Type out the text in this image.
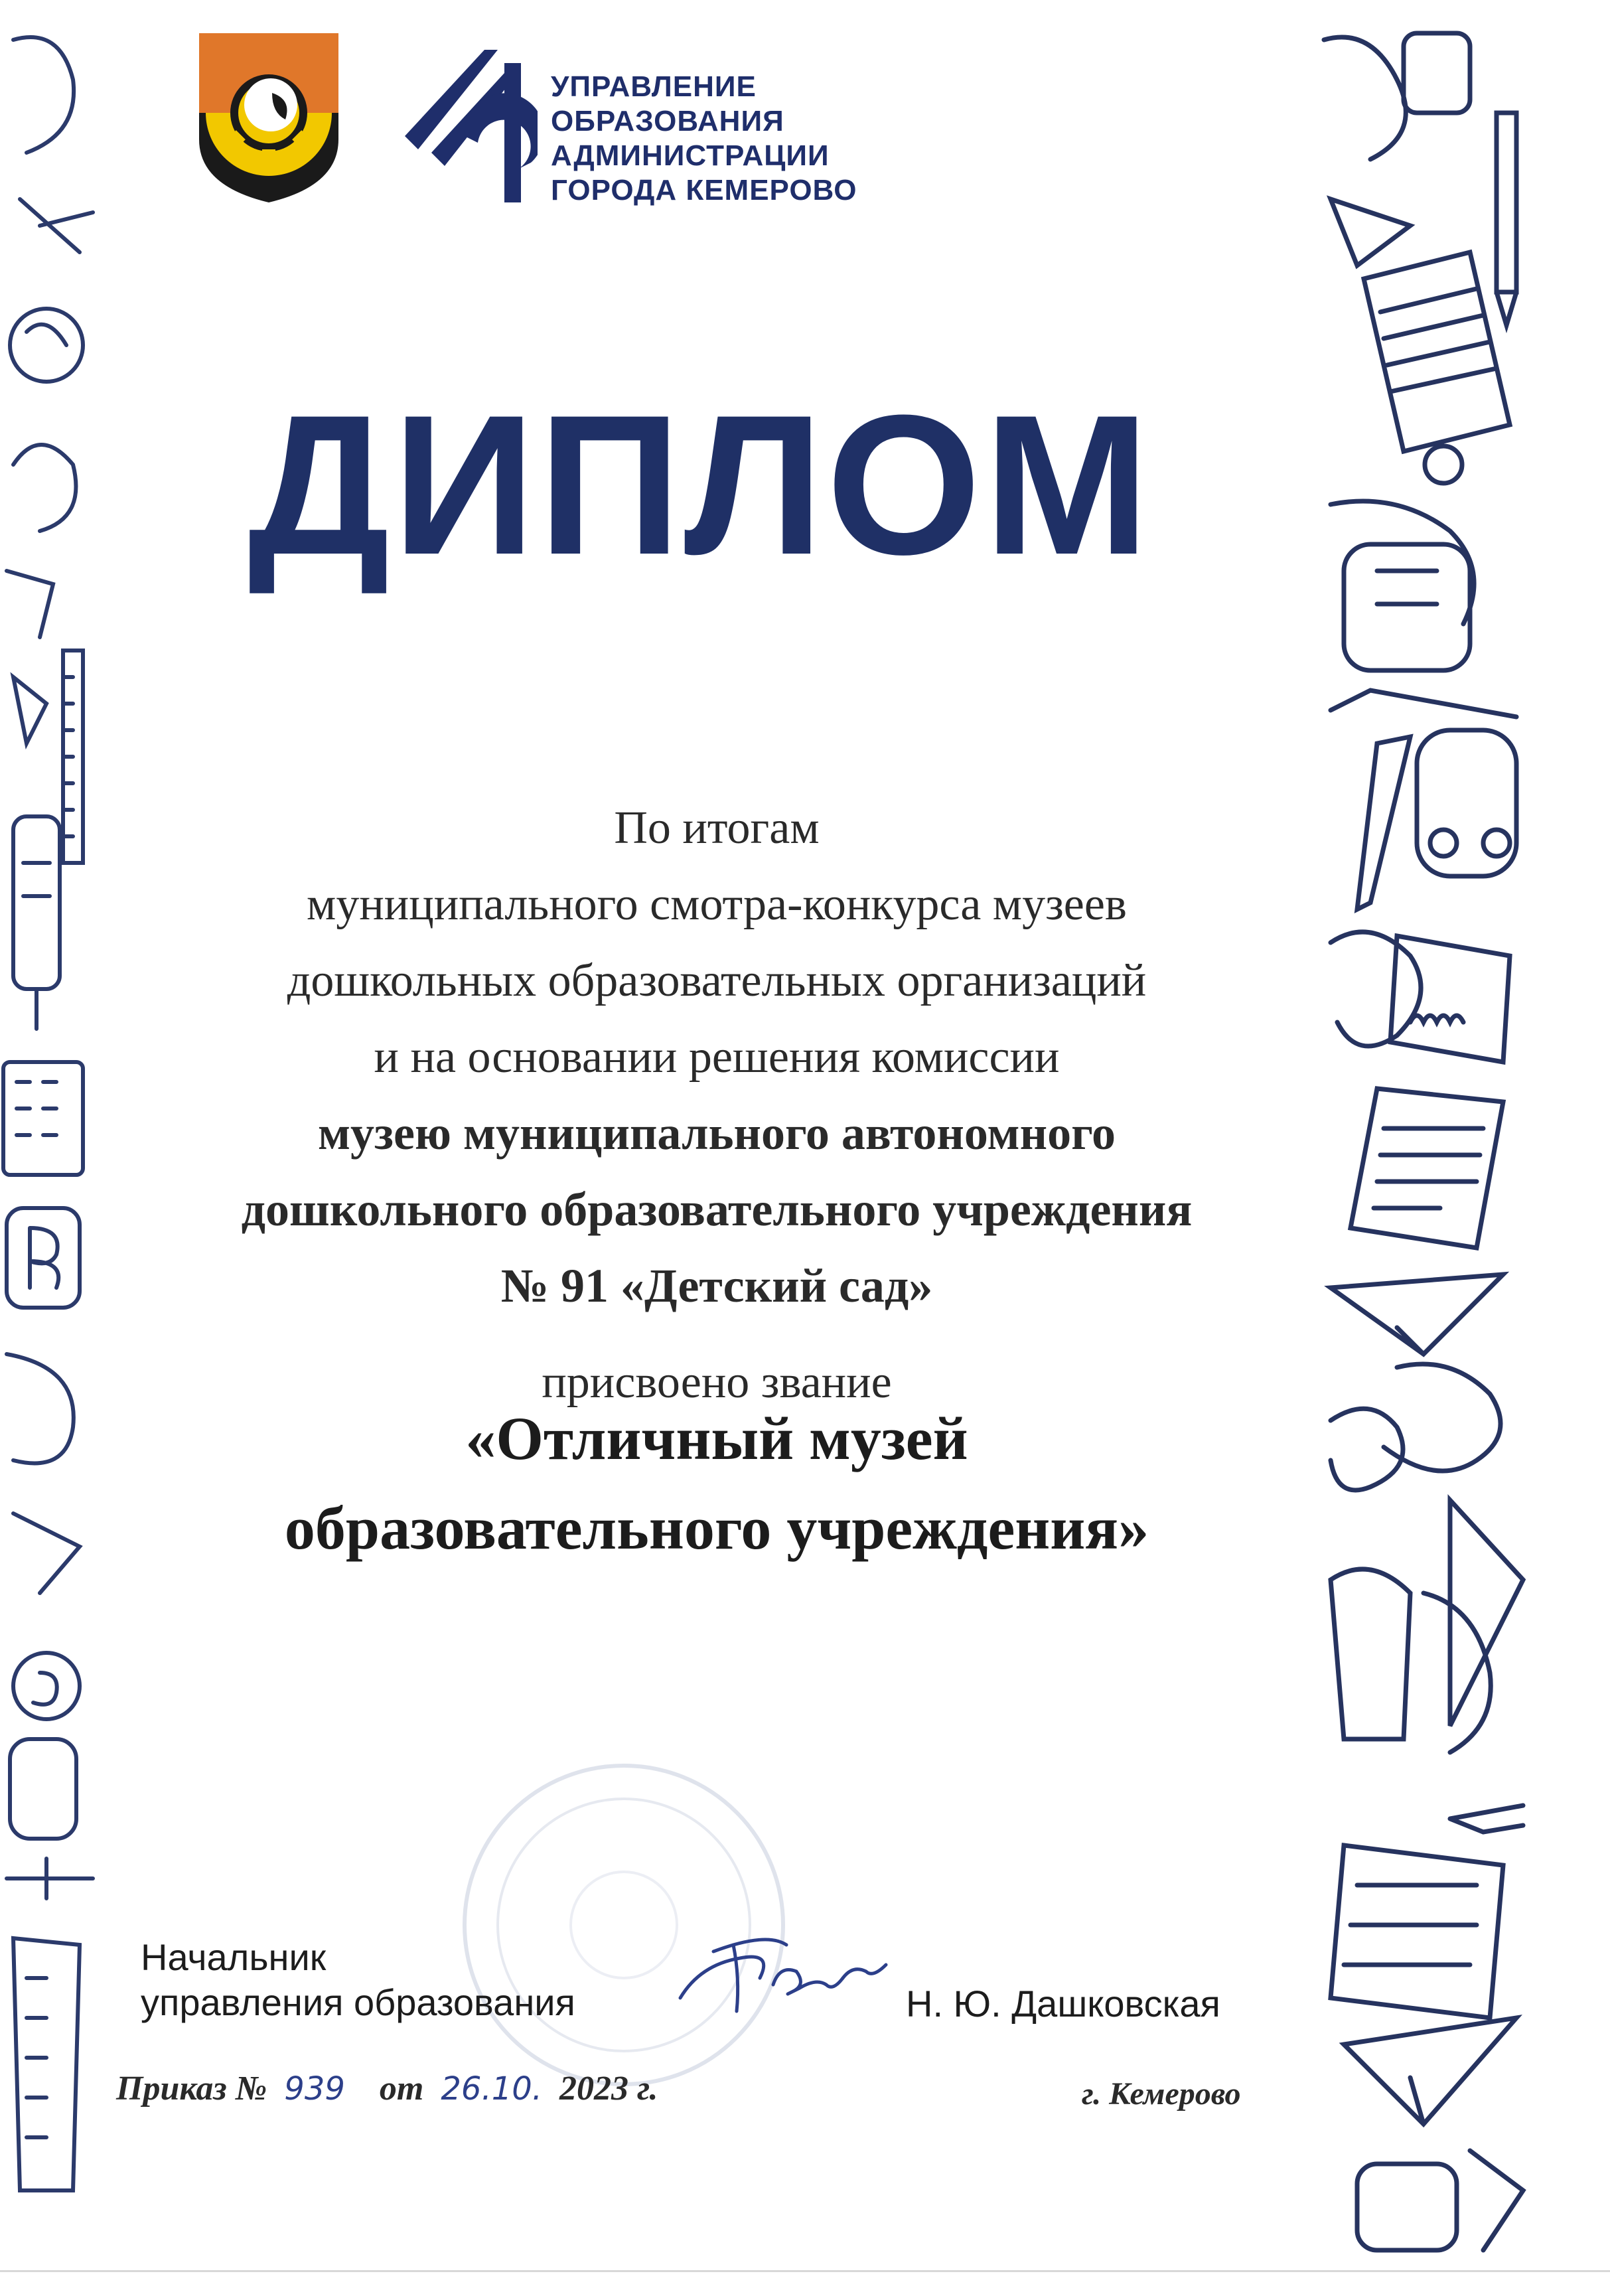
УПРАВЛЕНИЕ
ОБРАЗОВАНИЯ
АДМИНИСТРАЦИИ
ГОРОДА КЕМЕРОВО
ДИПЛОМ
По итогам
муниципального смотра-конкурса музеев
дошкольных образовательных организаций
и на основании решения комиссии
музею муниципального автономного
дошкольного образовательного учреждения
№ 91 «Детский сад»
присвоено звание
«Отличный музей
образовательного учреждения»
Начальник
управления образования	Н. Ю. Дашковская
Приказ № 939 от 26.10. 2023 г.	г. Кемерово
